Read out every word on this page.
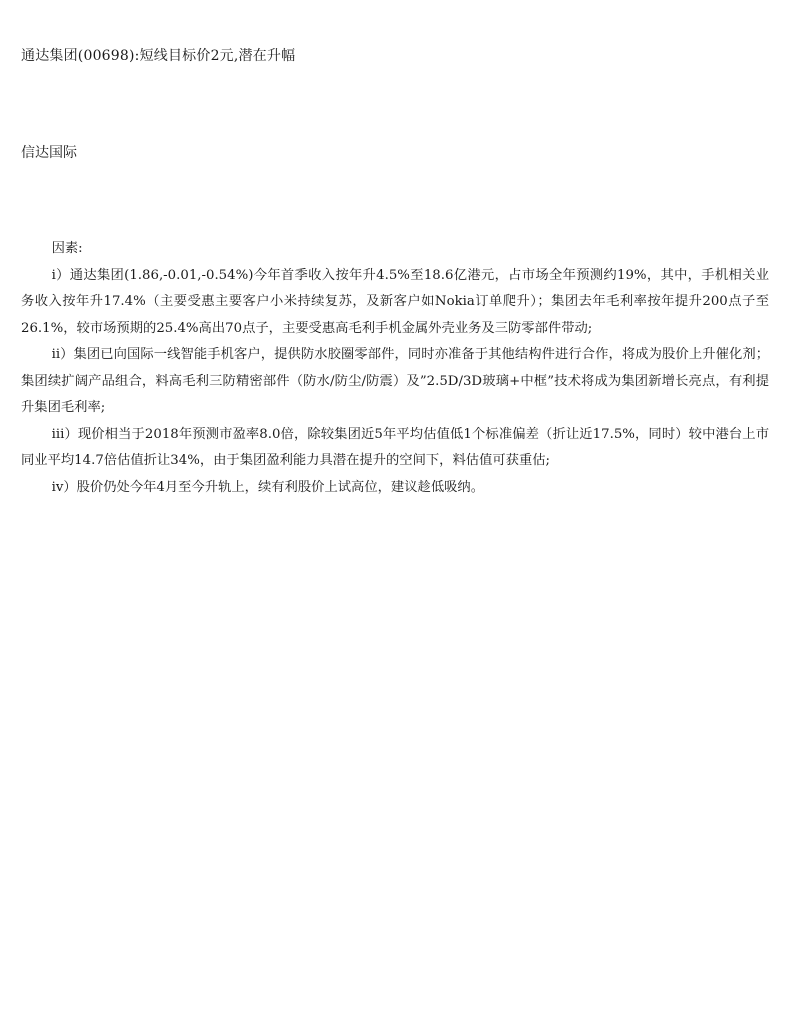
通达集团(00698):短线目标价2元,潜在升幅
信达国际

因素:

i）通达集团(1.86,-0.01,-0.54%)今年首季收入按年升4.5%至18.6亿港元，占市场全年预测约19%，其中，手机相关业务收入按年升17.4%（主要受惠主要客户小米持续复苏，及新客户如Nokia订单爬升）；集团去年毛利率按年提升200点子至26.1%，较市场预期的25.4%高出70点子，主要受惠高毛利手机金属外壳业务及三防零部件带动;

ii）集团已向国际一线智能手机客户，提供防水胶圈零部件，同时亦准备于其他结构件进行合作，将成为股价上升催化剂；集团续扩阔产品组合，料高毛利三防精密部件（防水/防尘/防震）及”2.5D/3D玻璃+中框”技术将成为集团新增长亮点，有利提升集团毛利率;

iii）现价相当于2018年预测市盈率8.0倍，除较集团近5年平均估值低1个标准偏差（折让近17.5%，同时）较中港台上市同业平均14.7倍估值折让34%，由于集团盈利能力具潜在提升的空间下，料估值可获重估;

iv）股价仍处今年4月至今升轨上，续有利股价上试高位，建议趁低吸纳。
